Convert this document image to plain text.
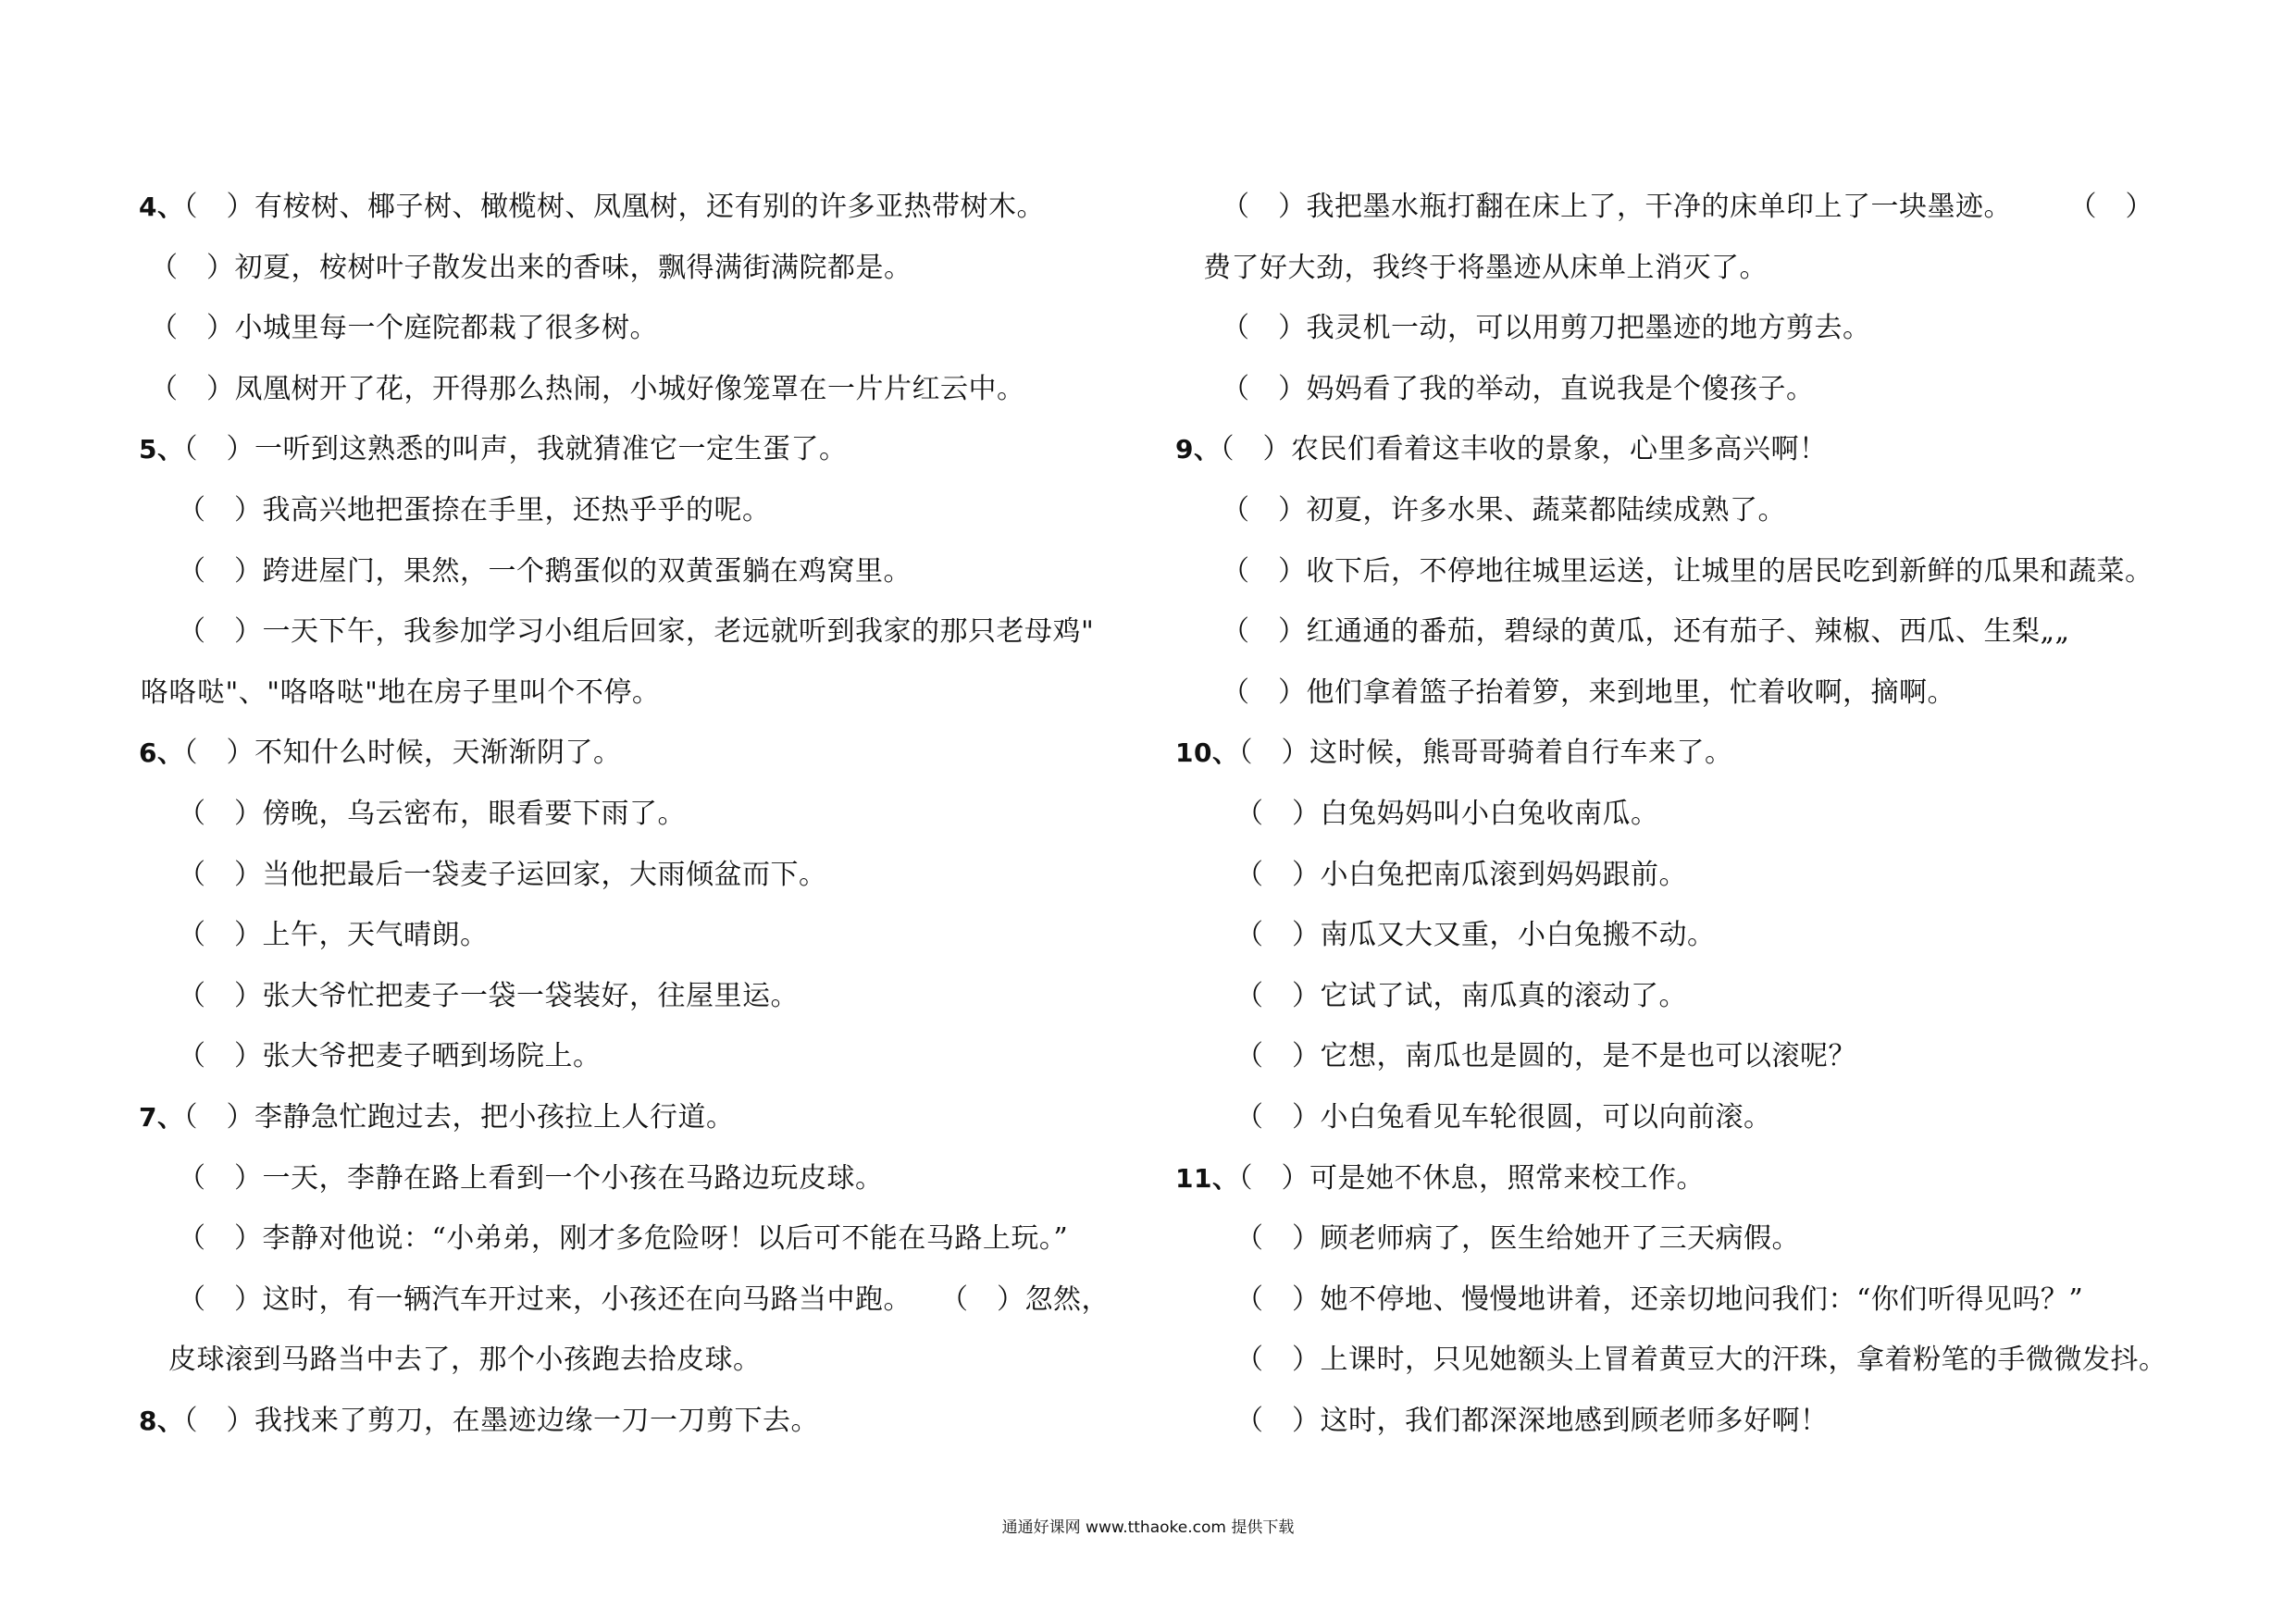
4、（　）有桉树、椰子树、橄榄树、凤凰树，还有别的许多亚热带树木。
（　）初夏，桉树叶子散发出来的香味，飘得满街满院都是。
（　）小城里每一个庭院都栽了很多树。
（　）凤凰树开了花，开得那么热闹，小城好像笼罩在一片片红云中。
5、（　）一听到这熟悉的叫声，我就猜准它一定生蛋了。
（　）我高兴地把蛋捺在手里，还热乎乎的呢。
（　）跨进屋门，果然，一个鹅蛋似的双黄蛋躺在鸡窝里。
（　）一天下午，我参加学习小组后回家，老远就听到我家的那只老母鸡"
咯咯哒"、"咯咯哒"地在房子里叫个不停。
6、（　）不知什么时候，天渐渐阴了。
（　）傍晚，乌云密布，眼看要下雨了。
（　）当他把最后一袋麦子运回家，大雨倾盆而下。
（　）上午，天气晴朗。
（　）张大爷忙把麦子一袋一袋装好，往屋里运。
（　）张大爷把麦子晒到场院上。
7、（　）李静急忙跑过去，把小孩拉上人行道。
（　）一天，李静在路上看到一个小孩在马路边玩皮球。
（　）李静对他说：“小弟弟，刚才多危险呀！以后可不能在马路上玩。”
（　）这时，有一辆汽车开过来，小孩还在向马路当中跑。　　（　）忽然，
皮球滚到马路当中去了，那个小孩跑去拾皮球。
8、（　）我找来了剪刀，在墨迹边缘一刀一刀剪下去。
（　）我把墨水瓶打翻在床上了，干净的床单印上了一块墨迹。　　　（　）
费了好大劲，我终于将墨迹从床单上消灭了。
（　）我灵机一动，可以用剪刀把墨迹的地方剪去。
（　）妈妈看了我的举动，直说我是个傻孩子。
9、（　）农民们看着这丰收的景象，心里多高兴啊！
（　）初夏，许多水果、蔬菜都陆续成熟了。
（　）收下后，不停地往城里运送，让城里的居民吃到新鲜的瓜果和蔬菜。
（　）红通通的番茄，碧绿的黄瓜，还有茄子、辣椒、西瓜、生梨„„
（　）他们拿着篮子抬着箩，来到地里，忙着收啊，摘啊。
10、（　）这时候，熊哥哥骑着自行车来了。
（　）白兔妈妈叫小白兔收南瓜。
（　）小白兔把南瓜滚到妈妈跟前。
（　）南瓜又大又重，小白兔搬不动。
（　）它试了试，南瓜真的滚动了。
（　）它想，南瓜也是圆的，是不是也可以滚呢？
（　）小白兔看见车轮很圆，可以向前滚。
11、（　）可是她不休息，照常来校工作。
（　）顾老师病了，医生给她开了三天病假。
（　）她不停地、慢慢地讲着，还亲切地问我们：“你们听得见吗？”
（　）上课时，只见她额头上冒着黄豆大的汗珠，拿着粉笔的手微微发抖。
（　）这时，我们都深深地感到顾老师多好啊！
通通好课网 www.tthaoke.com 提供下载
